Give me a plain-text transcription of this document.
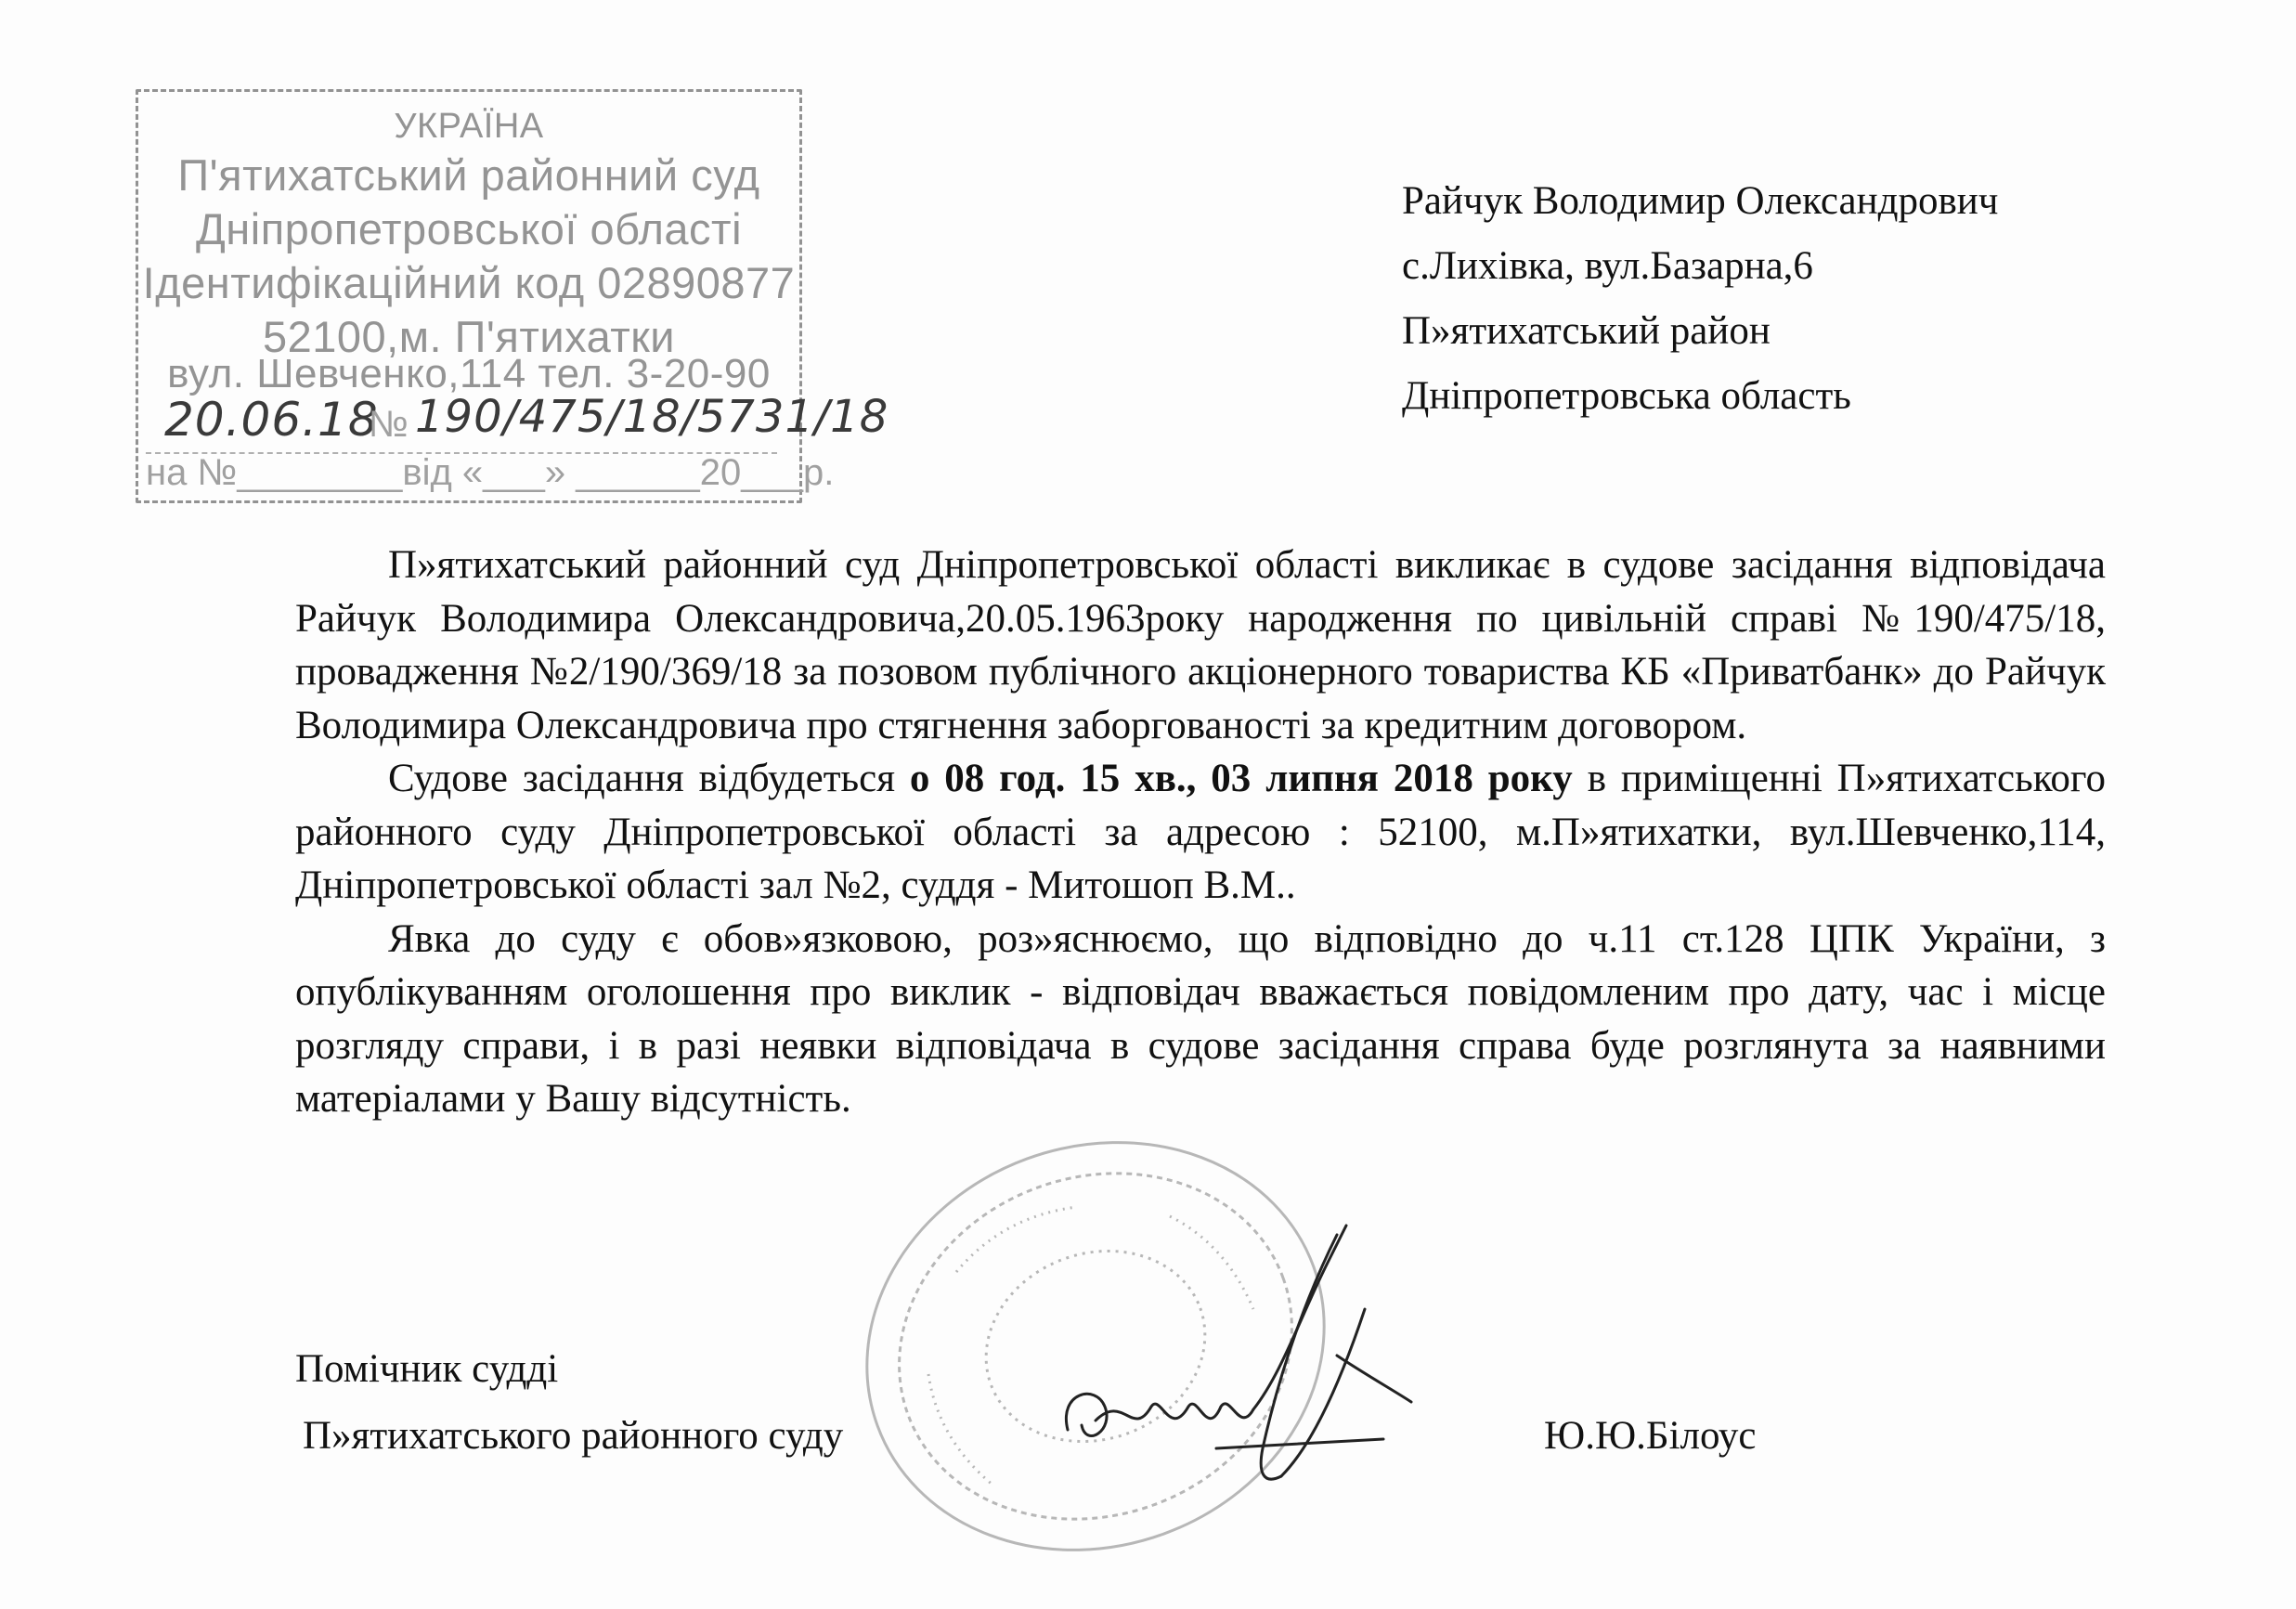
УКРАЇНА
П'ятихатський районний суд
Дніпропетровської області
Ідентифікаційний код 02890877
52100,м. П'ятихатки
вул. Шевченко,114 тел. 3-20-90
20.06.18
№ 190/475/18/5731/18
на №________від «___» ______20___р.
Райчук Володимир Олександрович
с.Лихівка, вул.Базарна,6
П»ятихатський район
Дніпропетровська область

П»ятихатський районний суд Дніпропетровської області викликає в судове засідання відповідача Райчук Володимира Олександровича,20.05.1963року народження по цивільній справі №190/475/18, провадження №2/190/369/18 за позовом публічного акціонерного товариства КБ «Приватбанк» до Райчук Володимира Олександровича про стягнення заборгованості за кредитним договором.

Судове засідання відбудеться о 08 год. 15 хв., 03 липня 2018 року в приміщенні П»ятихатського районного суду Дніпропетровської області за адресою : 52100, м.П»ятихатки, вул.Шевченко,114, Дніпропетровської області зал №2, суддя - Митошоп В.М..

Явка до суду є обов»язковою, роз»яснюємо, що відповідно до ч.11 ст.128 ЦПК України, з опублікуванням оголошення про виклик - відповідач вважається повідомленим про дату, час і місце розгляду справи, і в разі неявки відповідача в судове засідання справа буде розглянута за наявними матеріалами у Вашу відсутність.

Помічник судді
П»ятихатського районного суду	Ю.Ю.Білоус
